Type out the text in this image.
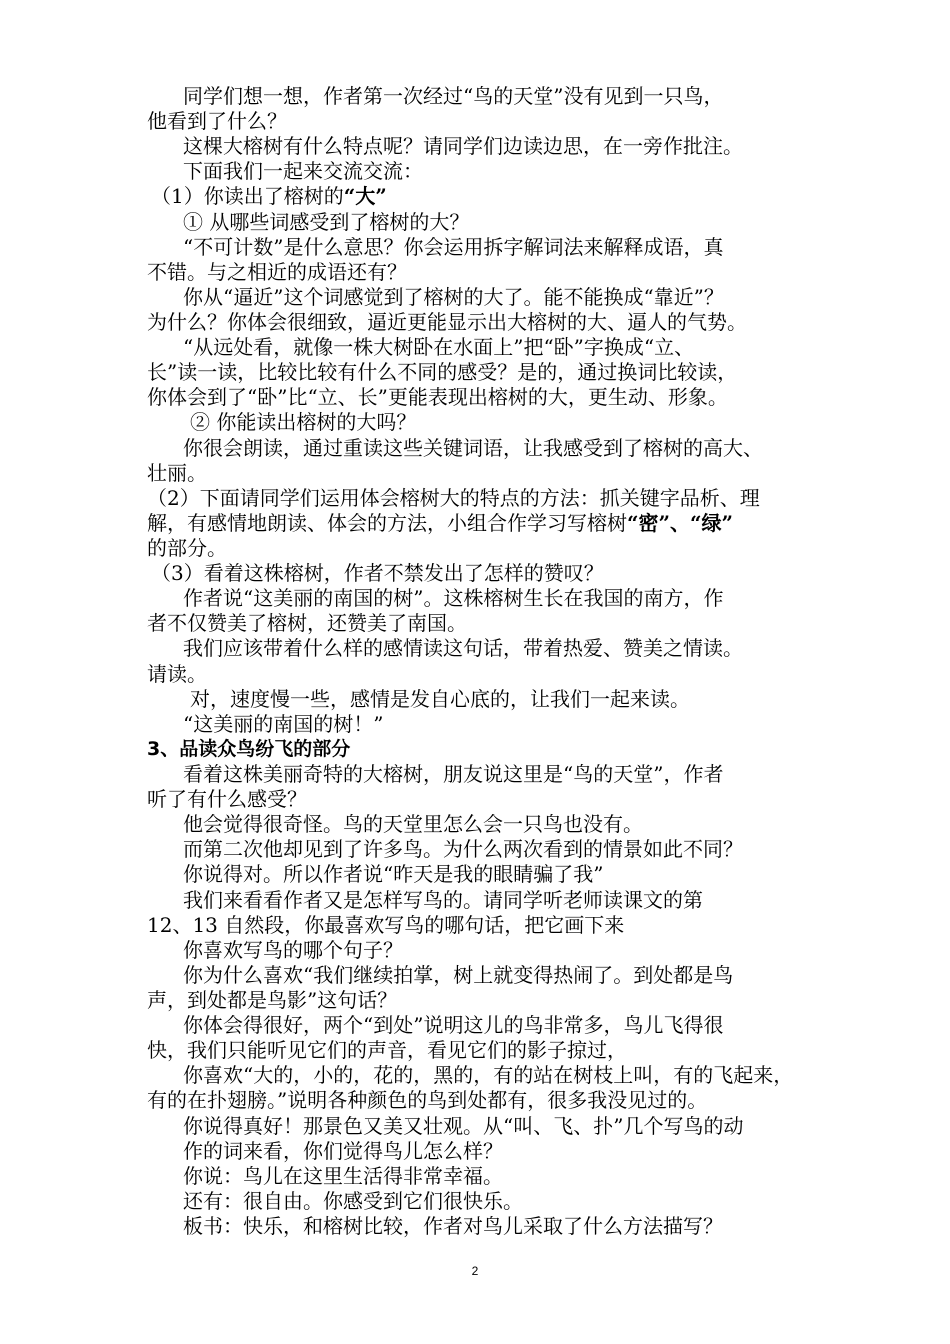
同学们想一想，作者第一次经过“鸟的天堂”没有见到一只鸟，

他看到了什么？

这棵大榕树有什么特点呢？请同学们边读边思，在一旁作批注。

下面我们一起来交流交流：

（1）你读出了榕树的“大”

① 从哪些词感受到了榕树的大？

“不可计数”是什么意思？你会运用拆字解词法来解释成语，真

不错。与之相近的成语还有？

你从“逼近”这个词感觉到了榕树的大了。能不能换成“靠近”？

为什么？你体会很细致，逼近更能显示出大榕树的大、逼人的气势。

“从远处看，就像一株大树卧在水面上”把“卧”字换成“立、

长”读一读，比较比较有什么不同的感受？是的，通过换词比较读，

你体会到了“卧”比“立、长”更能表现出榕树的大，更生动、形象。

② 你能读出榕树的大吗？

你很会朗读，通过重读这些关键词语，让我感受到了榕树的高大、

壮丽。

（2）下面请同学们运用体会榕树大的特点的方法：抓关键字品析、理

解，有感情地朗读、体会的方法，小组合作学习写榕树“密”、“绿”

的部分。

（3）看着这株榕树，作者不禁发出了怎样的赞叹？

作者说“这美丽的南国的树”。这株榕树生长在我国的南方，作

者不仅赞美了榕树，还赞美了南国。

我们应该带着什么样的感情读这句话，带着热爱、赞美之情读。

请读。

对，速度慢一些，感情是发自心底的，让我们一起来读。

“这美丽的南国的树！”

3、品读众鸟纷飞的部分

看着这株美丽奇特的大榕树，朋友说这里是“鸟的天堂”，作者

听了有什么感受？

他会觉得很奇怪。鸟的天堂里怎么会一只鸟也没有。

而第二次他却见到了许多鸟。为什么两次看到的情景如此不同？

你说得对。所以作者说“昨天是我的眼睛骗了我”

我们来看看作者又是怎样写鸟的。请同学听老师读课文的第

12、13 自然段，你最喜欢写鸟的哪句话，把它画下来

你喜欢写鸟的哪个句子？

你为什么喜欢“我们继续拍掌，树上就变得热闹了。到处都是鸟

声，到处都是鸟影”这句话？

你体会得很好，两个“到处”说明这儿的鸟非常多，鸟儿飞得很

快，我们只能听见它们的声音，看见它们的影子掠过，

你喜欢“大的，小的，花的，黑的，有的站在树枝上叫，有的飞起来，

有的在扑翅膀。”说明各种颜色的鸟到处都有，很多我没见过的。

你说得真好！那景色又美又壮观。从“叫、飞、扑”几个写鸟的动

2

作的词来看，你们觉得鸟儿怎么样？

你说：鸟儿在这里生活得非常幸福。

还有：很自由。你感受到它们很快乐。

板书：快乐，和榕树比较，作者对鸟儿采取了什么方法描写？
